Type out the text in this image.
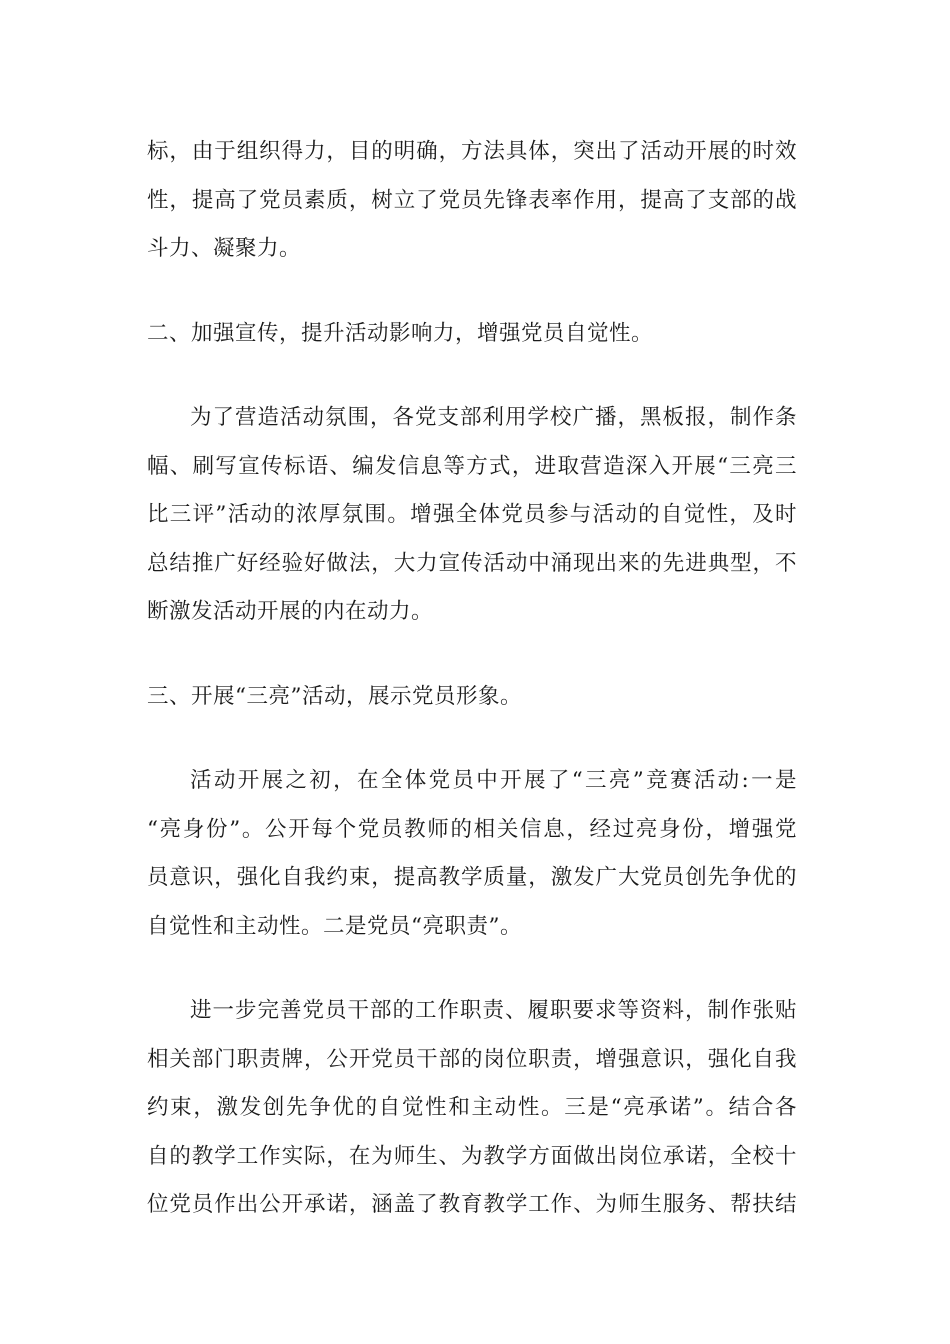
标，由于组织得力，目的明确，方法具体，突出了活动开展的时效
性，提高了党员素质，树立了党员先锋表率作用，提高了支部的战
斗力、凝聚力。
二、加强宣传，提升活动影响力，增强党员自觉性。
为了营造活动氛围，各党支部利用学校广播，黑板报，制作条
幅、刷写宣传标语、编发信息等方式，进取营造深入开展“三亮三
比三评”活动的浓厚氛围。增强全体党员参与活动的自觉性，及时
总结推广好经验好做法，大力宣传活动中涌现出来的先进典型，不
断激发活动开展的内在动力。
三、开展“三亮”活动，展示党员形象。
活动开展之初，在全体党员中开展了“三亮”竞赛活动:一是
“亮身份”。公开每个党员教师的相关信息，经过亮身份，增强党
员意识，强化自我约束，提高教学质量，激发广大党员创先争优的
自觉性和主动性。二是党员“亮职责”。
进一步完善党员干部的工作职责、履职要求等资料，制作张贴
相关部门职责牌，公开党员干部的岗位职责，增强意识，强化自我
约束，激发创先争优的自觉性和主动性。三是“亮承诺”。结合各
自的教学工作实际，在为师生、为教学方面做出岗位承诺，全校十
位党员作出公开承诺，涵盖了教育教学工作、为师生服务、帮扶结
